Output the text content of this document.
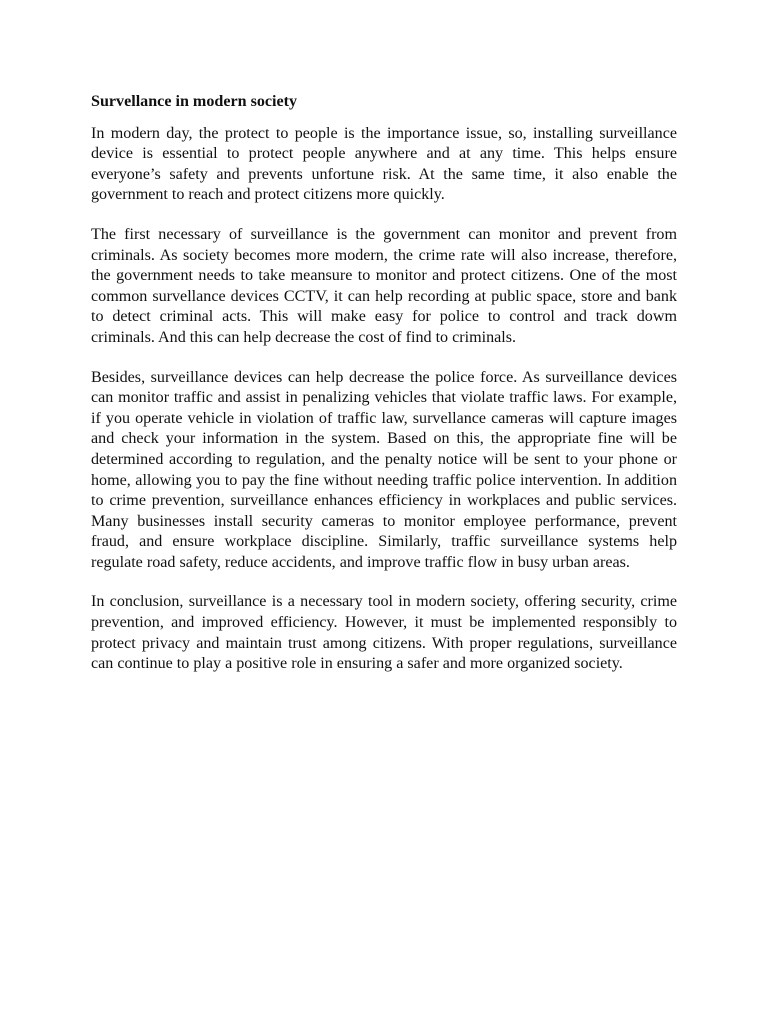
Survellance in modern society

In modern day, the protect to people is the importance issue, so, installing surveillance device is essential to protect people anywhere and at any time. This helps ensure everyone’s safety and prevents unfortune risk. At the same time, it also enable the government to reach and protect citizens more quickly.

The first necessary of surveillance is the government can monitor and prevent from criminals. As society becomes more modern, the crime rate will also increase, therefore, the government needs to take meansure to monitor and protect citizens. One of the most common survellance devices CCTV, it can help recording at public space, store and bank to detect criminal acts. This will make easy for police to control and track dowm criminals. And this can help decrease the cost of find to criminals.

Besides, surveillance devices can help decrease the police force. As surveillance devices can monitor traffic and assist in penalizing vehicles that violate traffic laws. For example, if you operate vehicle in violation of traffic law, survellance cameras will capture images and check your information in the system. Based on this, the appropriate fine will be determined according to regulation, and the penalty notice will be sent to your phone or home, allowing you to pay the fine without needing traffic police intervention. In addition to crime prevention, surveillance enhances efficiency in workplaces and public services. Many businesses install security cameras to monitor employee performance, prevent fraud, and ensure workplace discipline. Similarly, traffic surveillance systems help regulate road safety, reduce accidents, and improve traffic flow in busy urban areas.

In conclusion, surveillance is a necessary tool in modern society, offering security, crime prevention, and improved efficiency. However, it must be implemented responsibly to protect privacy and maintain trust among citizens. With proper regulations, surveillance can continue to play a positive role in ensuring a safer and more organized society.
